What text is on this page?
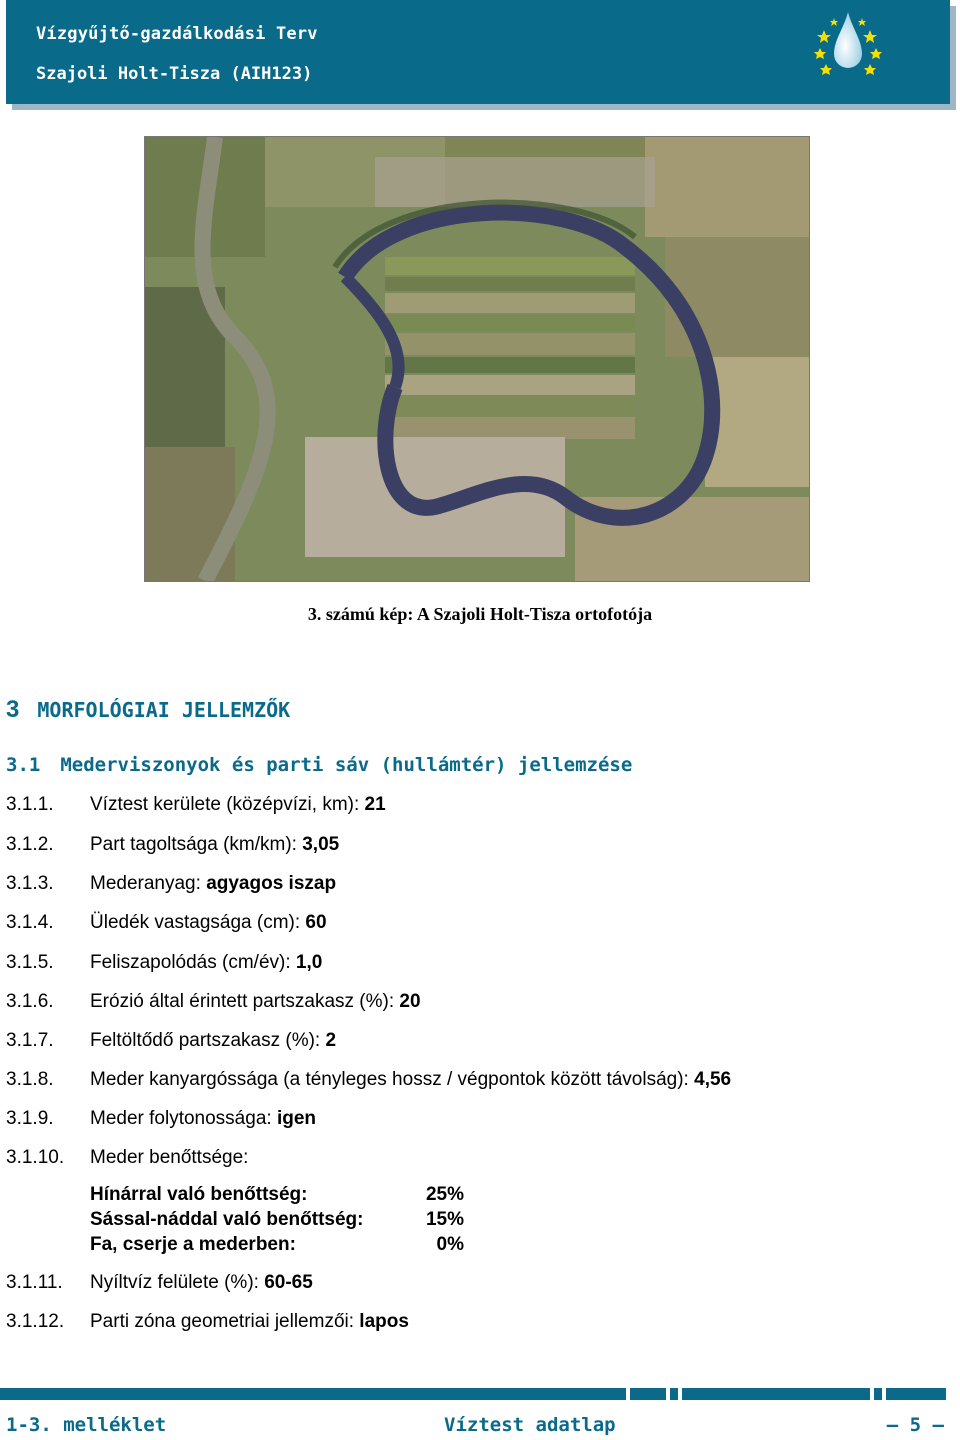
Vízgyűjtő-gazdálkodási Terv
Szajoli Holt-Tisza (AIH123)
3. számú kép: A Szajoli Holt-Tisza ortofotója
3 MORFOLÓGIAI JELLEMZŐK
3.1 Mederviszonyok és parti sáv (hullámtér) jellemzése
3.1.1. Víztest kerülete (középvízi, km): 21
3.1.2. Part tagoltsága (km/km): 3,05
3.1.3. Mederanyag: agyagos iszap
3.1.4. Üledék vastagsága (cm): 60
3.1.5. Feliszapolódás (cm/év): 1,0
3.1.6. Erózió által érintett partszakasz (%): 20
3.1.7. Feltöltődő partszakasz (%): 2
3.1.8. Meder kanyargóssága (a tényleges hossz / végpontok között távolság): 4,56
3.1.9. Meder folytonossága: igen
3.1.10. Meder benőttsége:
Hínárral való benőttség:	25%
Sással-náddal való benőttség:	15%
Fa, cserje a mederben:	0%
3.1.11. Nyíltvíz felülete (%): 60-65
3.1.12. Parti zóna geometriai jellemzői: lapos
1-3. melléklet	Víztest adatlap	– 5 –
